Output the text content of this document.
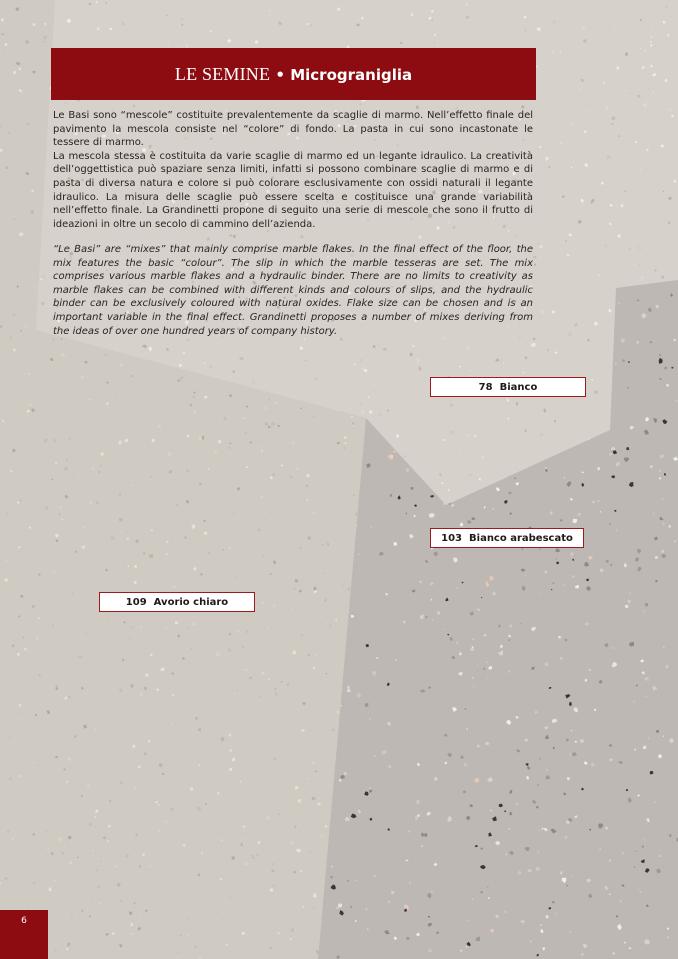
LE SEMINE • Micrograniglia

Le Basi sono “mescole” costituite prevalentemente da scaglie di marmo. Nell’effetto finale del pavimento la mescola consiste nel “colore” di fondo. La pasta in cui sono incastonate le tessere di marmo.

La mescola stessa è costituita da varie scaglie di marmo ed un legante idraulico. La creatività dell’oggettistica può spaziare senza limiti, infatti si possono combinare scaglie di marmo e di pasta di diversa natura e colore si può colorare esclusivamente con ossidi naturali il legante idraulico. La misura delle scaglie può essere scelta e costituisce una grande variabilità nell’effetto finale. La Grandinetti propone di seguito una serie di mescole che sono il frutto di ideazioni in oltre un secolo di cammino dell’azienda.

“Le Basi” are “mixes” that mainly comprise marble flakes. In the final effect of the floor, the mix features the basic “colour”. The slip in which the marble tesseras are set. The mix comprises various marble flakes and a hydraulic binder. There are no limits to creativity as marble flakes can be combined with different kinds and colours of slips, and the hydraulic binder can be exclusively coloured with natural oxides. Flake size can be chosen and is an important variable in the final effect. Grandinetti proposes a number of mixes deriving from the ideas of over one hundred years of company history.

78 Bianco
103 Bianco arabescato
109 Avorio chiaro
6
